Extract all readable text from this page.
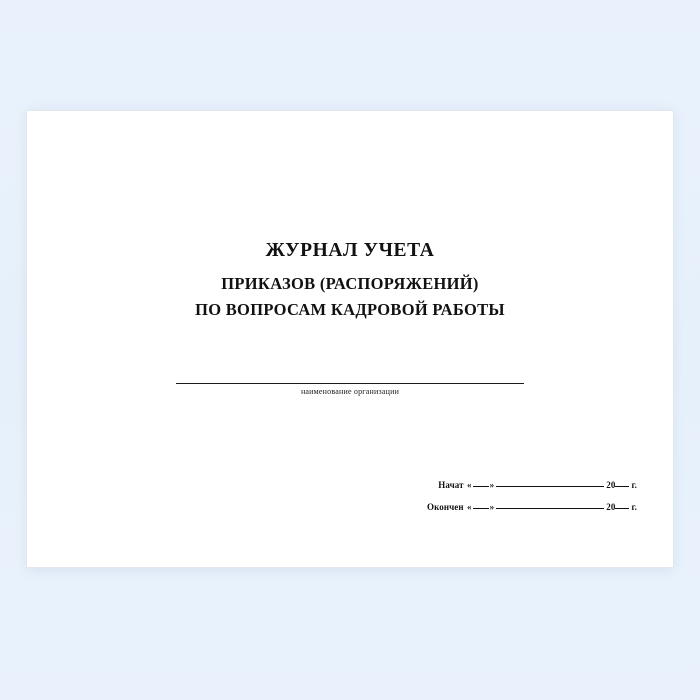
ЖУРНАЛ УЧЕТА
ПРИКАЗОВ (РАСПОРЯЖЕНИЙ)
ПО ВОПРОСАМ КАДРОВОЙ РАБОТЫ
наименование организации
Начат « »	20 г.
Окончен « »	20 г.
